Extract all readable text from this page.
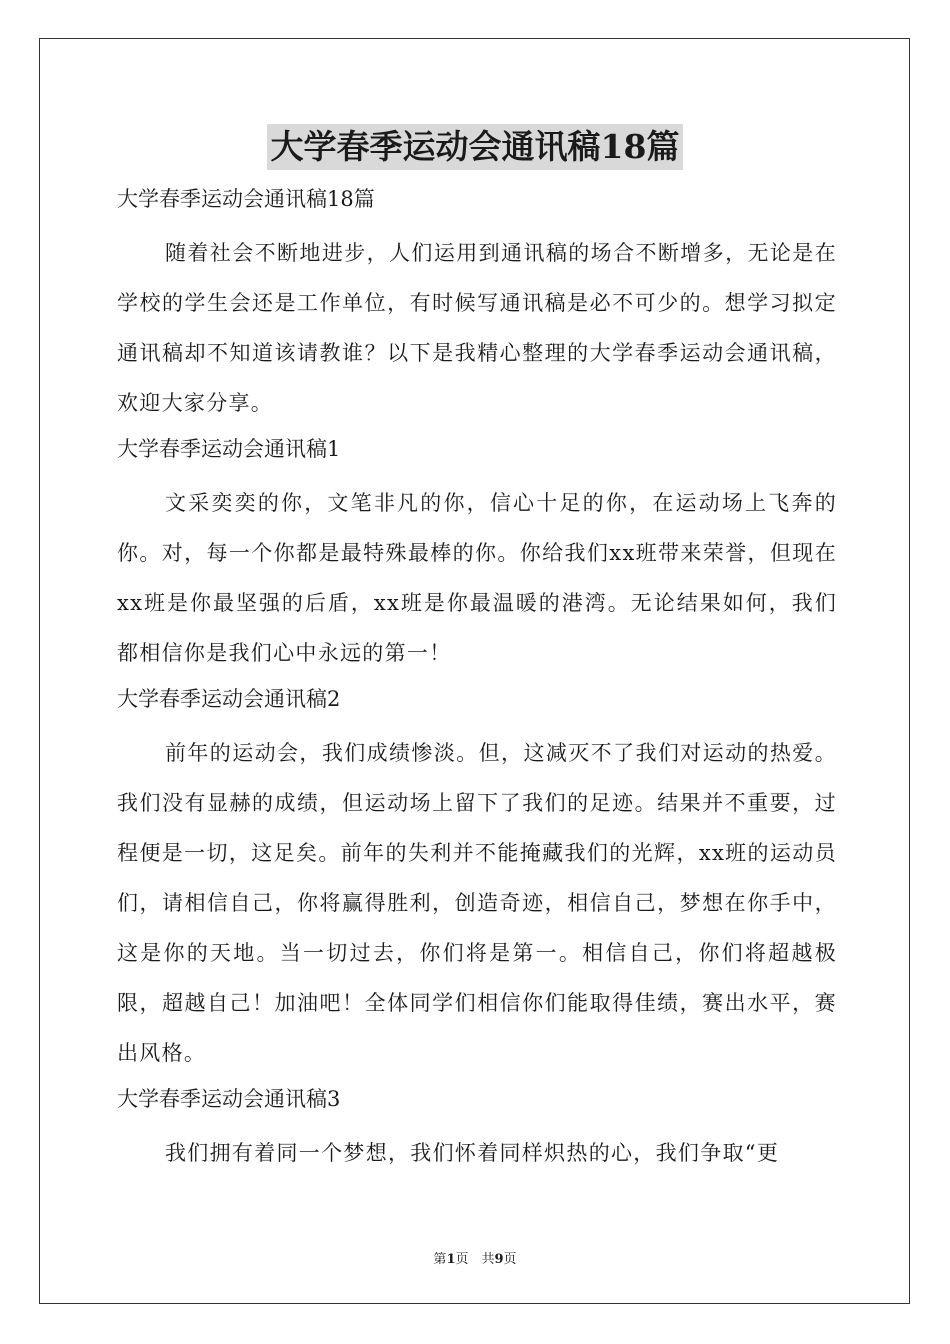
大学春季运动会通讯稿18篇
大学春季运动会通讯稿18篇

随着社会不断地进步，人们运用到通讯稿的场合不断增多，无论是在学校的学生会还是工作单位，有时候写通讯稿是必不可少的。想学习拟定通讯稿却不知道该请教谁？以下是我精心整理的大学春季运动会通讯稿，欢迎大家分享。

大学春季运动会通讯稿1

文采奕奕的你，文笔非凡的你，信心十足的你，在运动场上飞奔的你。对，每一个你都是最特殊最棒的你。你给我们xx班带来荣誉，但现在xx班是你最坚强的后盾，xx班是你最温暖的港湾。无论结果如何，我们都相信你是我们心中永远的第一！

大学春季运动会通讯稿2

前年的运动会，我们成绩惨淡。但，这减灭不了我们对运动的热爱。我们没有显赫的成绩，但运动场上留下了我们的足迹。结果并不重要，过程便是一切，这足矣。前年的失利并不能掩藏我们的光辉，xx班的运动员们，请相信自己，你将赢得胜利，创造奇迹，相信自己，梦想在你手中，这是你的天地。当一切过去，你们将是第一。相信自己，你们将超越极限，超越自己！加油吧！全体同学们相信你们能取得佳绩，赛出水平，赛出风格。

大学春季运动会通讯稿3

我们拥有着同一个梦想，我们怀着同样炽热的心，我们争取“更

第1页　共9页
